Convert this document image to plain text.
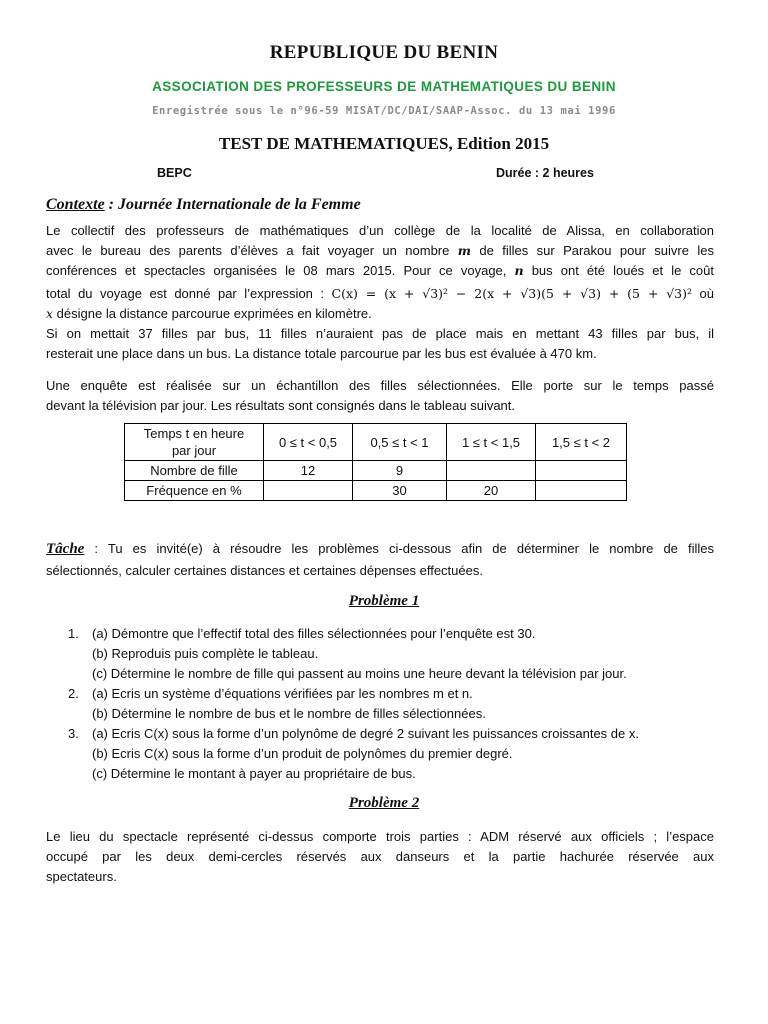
REPUBLIQUE DU BENIN
ASSOCIATION DES PROFESSEURS DE MATHEMATIQUES DU BENIN
Enregistrée sous le n°96-59 MISAT/DC/DAI/SAAP-Assoc. du 13 mai 1996
TEST DE MATHEMATIQUES, Edition 2015
BEPC	Durée : 2 heures
Contexte : Journée Internationale de la Femme
Le collectif des professeurs de mathématiques d’un collège de la localité de Alissa, en collaboration
avec le bureau des parents d’élèves a fait voyager un nombre m de filles sur Parakou pour suivre les
conférences et spectacles organisées le 08 mars 2015. Pour ce voyage, n bus ont été loués et le coût
total du voyage est donné par l’expression : C(x) = (x + √3)² − 2(x + √3)(5 + √3) + (5 + √3)² où
x désigne la distance parcourue exprimées en kilomètre.
Si on mettait 37 filles par bus, 11 filles n’auraient pas de place mais en mettant 43 filles par bus, il
resterait une place dans un bus. La distance totale parcourue par les bus est évaluée à 470 km.
Une enquête est réalisée sur un échantillon des filles sélectionnées. Elle porte sur le temps passé
devant la télévision par jour. Les résultats sont consignés dans le tableau suivant.
Temps t en heure
par jour	0 ≤ t < 0,5	0,5 ≤ t < 1	1 ≤ t < 1,5	1,5 ≤ t < 2
Nombre de fille	12	9		
Fréquence en %		30	20	
Tâche : Tu es invité(e) à résoudre les problèmes ci-dessous afin de déterminer le nombre de filles
sélectionnés, calculer certaines distances et certaines dépenses effectuées.
Problème 1
1. (a) Démontre que l’effectif total des filles sélectionnées pour l’enquête est 30.
(b) Reproduis puis complète le tableau.
(c) Détermine le nombre de fille qui passent au moins une heure devant la télévision par jour.
2. (a) Ecris un système d’équations vérifiées par les nombres m et n.
(b) Détermine le nombre de bus et le nombre de filles sélectionnées.
3. (a) Ecris C(x) sous la forme d’un polynôme de degré 2 suivant les puissances croissantes de x.
(b) Ecris C(x) sous la forme d’un produit de polynômes du premier degré.
(c) Détermine le montant à payer au propriétaire de bus.
Problème 2
Le lieu du spectacle représenté ci-dessus comporte trois parties : ADM réservé aux officiels ; l’espace
occupé par les deux demi-cercles réservés aux danseurs et la partie hachurée réservée aux
spectateurs.
